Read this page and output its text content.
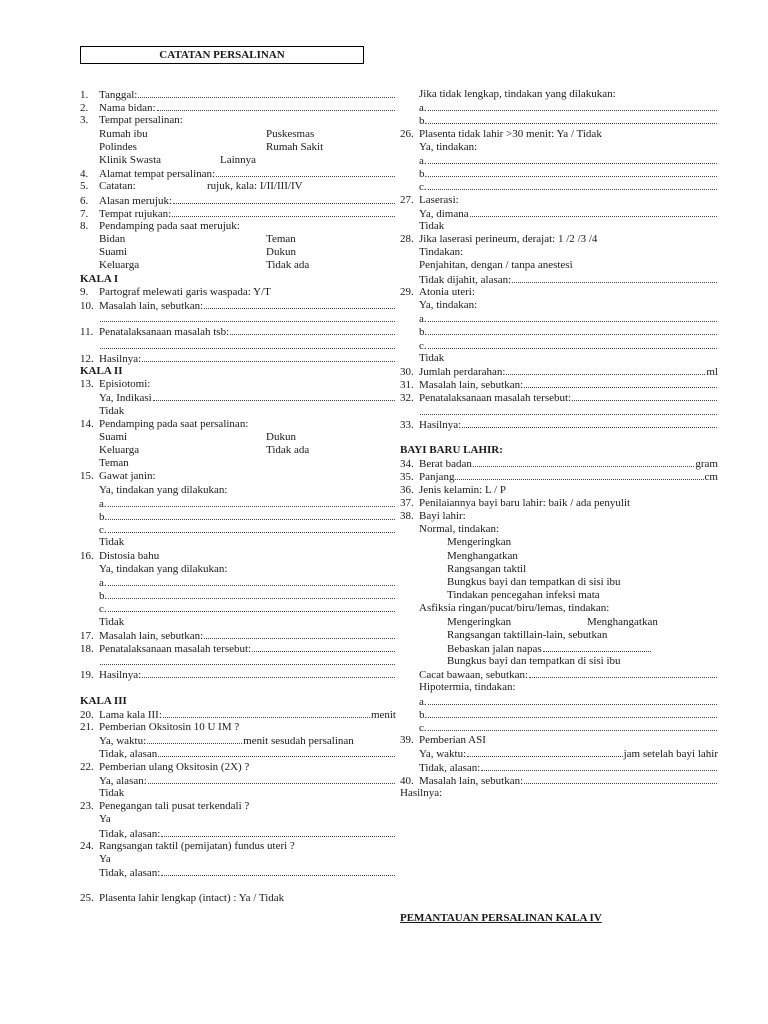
CATATAN PERSALINAN
1. Tanggal:
2. Nama bidan:
3. Tempat persalinan:
Rumah ibu	Puskesmas
Polindes	Rumah Sakit
Klinik Swasta	Lainnya
4. Alamat tempat persalinan:
5. Catatan:	rujuk, kala: I/II/III/IV
6. Alasan merujuk:
7. Tempat rujukan:
8. Pendamping pada saat merujuk:
Bidan	Teman
Suami	Dukun
Keluarga	Tidak ada
KALA I
9. Partograf melewati garis waspada: Y/T
10. Masalah lain, sebutkan:
11. Penatalaksanaan masalah tsb:
12. Hasilnya:
KALA II
13. Episiotomi:
Ya, Indikasi
Tidak
14. Pendamping pada saat persalinan:
Suami	Dukun
Keluarga	Tidak ada
Teman
15. Gawat janin:
Ya, tindakan yang dilakukan:
a.
b.
c.
Tidak
16. Distosia bahu
Ya, tindakan yang dilakukan:
a.
b.
c.
Tidak
17. Masalah lain, sebutkan:
18. Penatalaksanaan masalah tersebut:
19. Hasilnya:
KALA III
20. Lama kala III:	menit
21. Pemberian Oksitosin 10 U IM ?
Ya, waktu:	menit sesudah persalinan
Tidak, alasan
22. Pemberian ulang Oksitosin (2X) ?
Ya, alasan:
Tidak
23. Penegangan tali pusat terkendali ?
Ya
Tidak, alasan:
24. Rangsangan taktil (pemijatan) fundus uteri ?
Ya
Tidak, alasan:
25. Plasenta lahir lengkap (intact) : Ya / Tidak
Jika tidak lengkap, tindakan yang dilakukan:
a.
b.
26. Plasenta tidak lahir >30 menit: Ya / Tidak
Ya, tindakan:
a.
b.
c.
27. Laserasi:
Ya, dimana
Tidak
28. Jika laserasi perineum, derajat: 1 /2 /3 /4
Tindakan:
Penjahitan, dengan / tanpa anestesi
Tidak dijahit, alasan:
29. Atonia uteri:
Ya, tindakan:
a.
b.
c.
Tidak
30. Jumlah perdarahan:	ml
31. Masalah lain, sebutkan:
32. Penatalaksanaan masalah tersebut:
33. Hasilnya:
BAYI BARU LAHIR:
34. Berat badan	gram
35. Panjang	cm
36. Jenis kelamin: L / P
37. Penilaiannya bayi baru lahir: baik / ada penyulit
38. Bayi lahir:
Normal, tindakan:
Mengeringkan
Menghangatkan
Rangsangan taktil
Bungkus bayi dan tempatkan di sisi ibu
Tindakan pencegahan infeksi mata
Asfiksia ringan/pucat/biru/lemas, tindakan:
Mengeringkan	Menghangatkan
Rangsangan taktillain-lain, sebutkan
Bebaskan jalan napas
Bungkus bayi dan tempatkan di sisi ibu
Cacat bawaan, sebutkan:
Hipotermia, tindakan:
a.
b.
c.
39. Pemberian ASI
Ya, waktu:	jam setelah bayi lahir
Tidak, alasan:
40. Masalah lain, sebutkan:
Hasilnya:
PEMANTAUAN PERSALINAN KALA IV
